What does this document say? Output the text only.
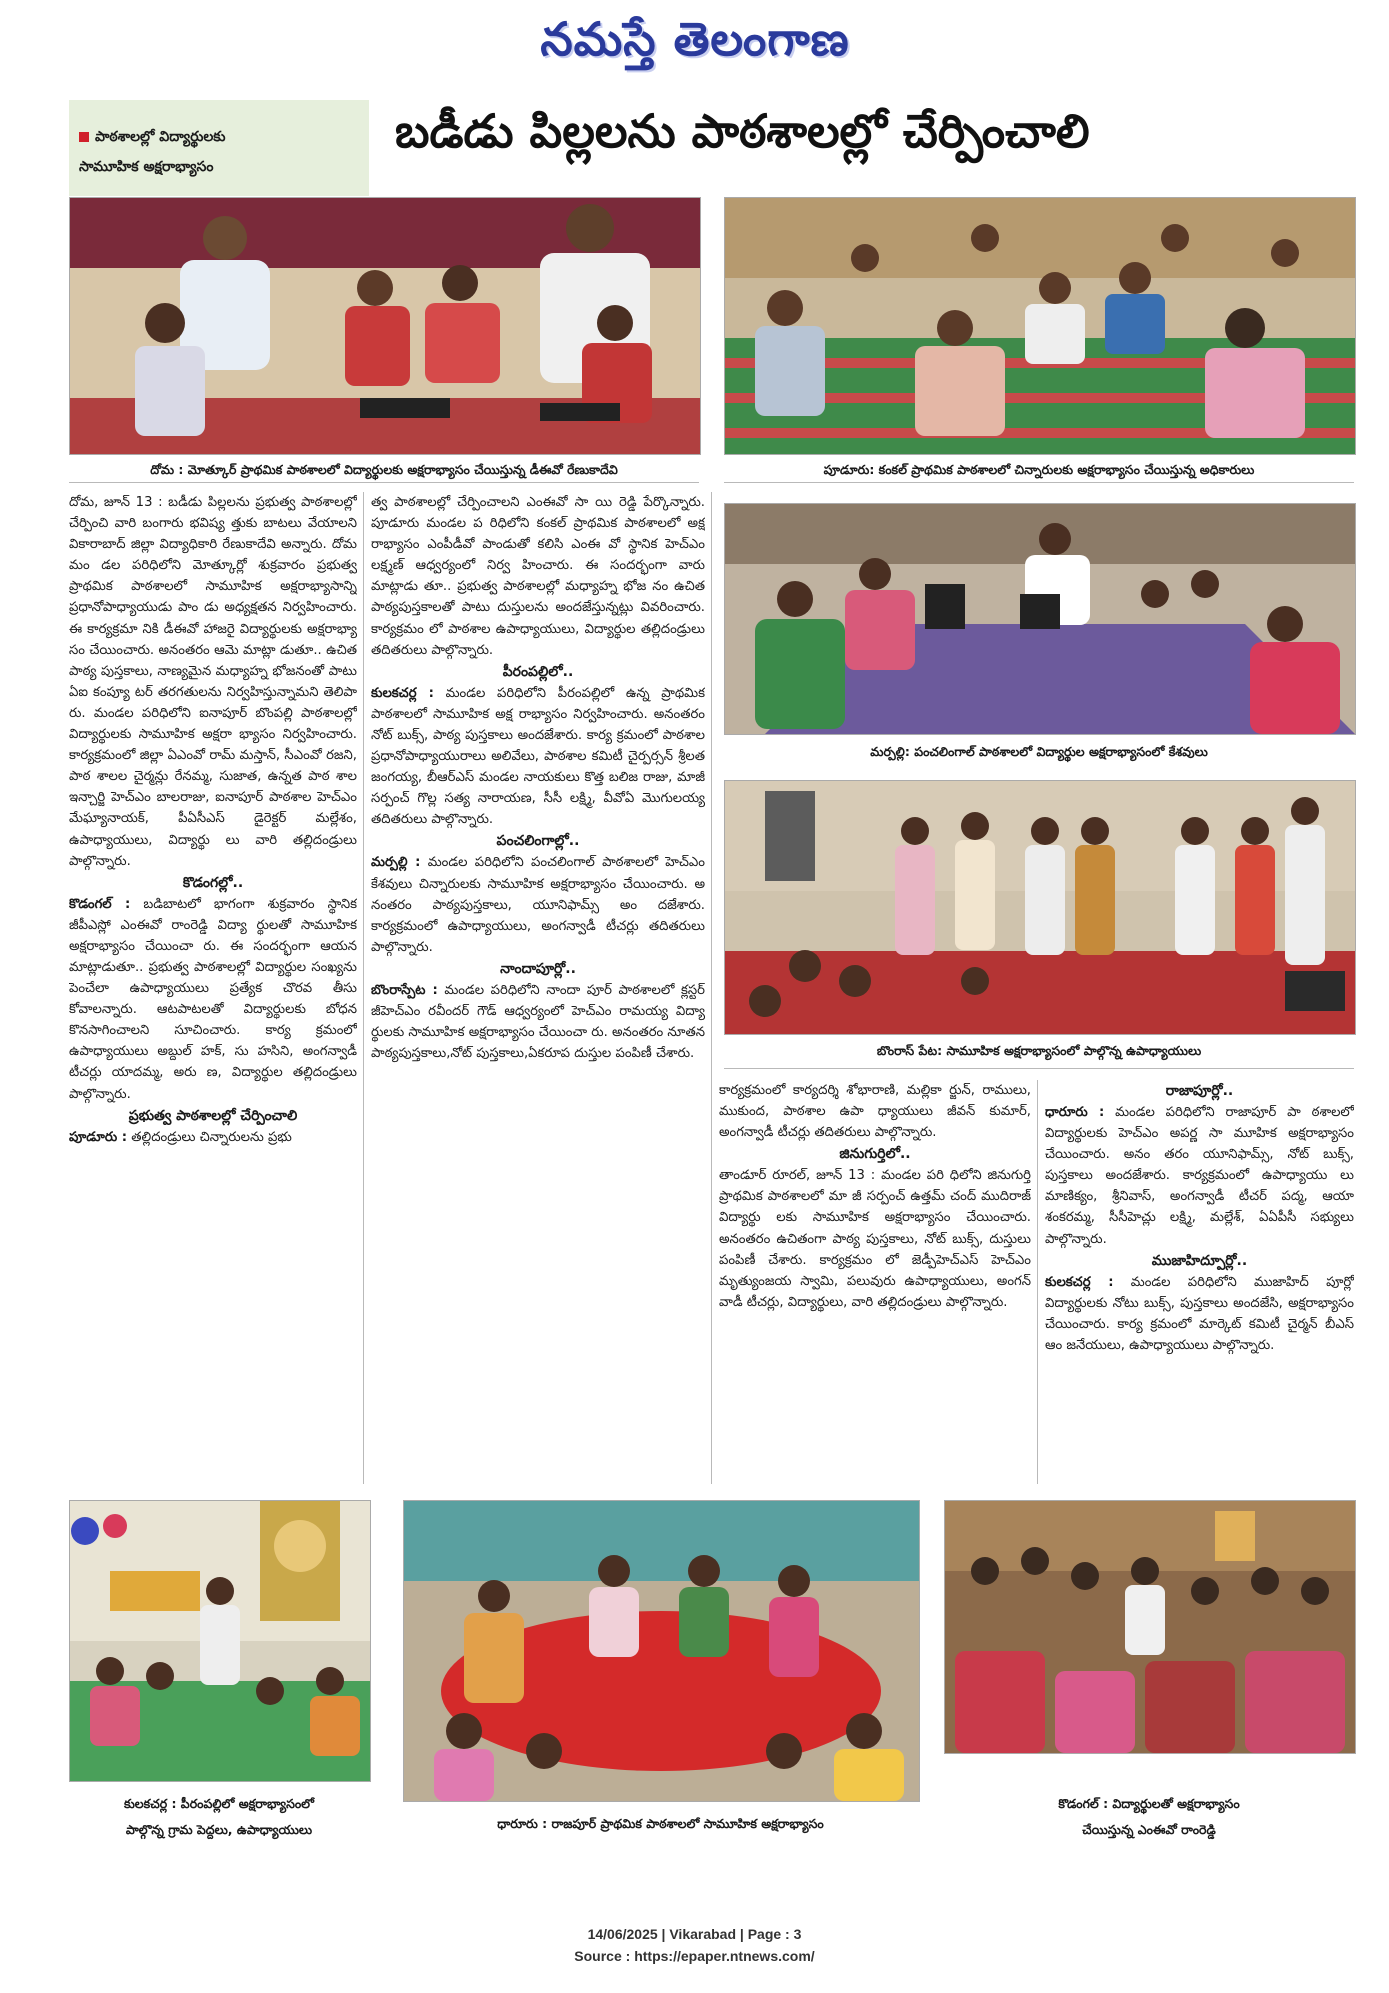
నమస్తే తెలంగాణ
పాఠశాలల్లో విద్యార్థులకు
సామూహిక అక్షరాభ్యాసం
బడీడు పిల్లలను పాఠశాలల్లో చేర్పించాలి
దోమ : మోత్కూర్ ప్రాథమిక పాఠశాలలో విద్యార్థులకు అక్షరాభ్యాసం చేయిస్తున్న డీఈవో రేణుకాదేవి	పూడూరు: కంకల్ ప్రాథమిక పాఠశాలలో చిన్నారులకు అక్షరాభ్యాసం చేయిస్తున్న అధికారులు
మర్పల్లి: పంచలింగాల్ పాఠశాలలో విద్యార్థుల అక్షరాభ్యాసంలో కేశవులు
బొంరాస్ పేట: సామూహిక అక్షరాభ్యాసంలో పాల్గొన్న ఉపాధ్యాయులు

దోమ, జూన్ 13 : బడీడు పిల్లలను ప్రభుత్వ పాఠశాలల్లో చేర్పించి వారి బంగారు భవిష్య త్తుకు బాటలు వేయాలని వికారాబాద్ జిల్లా విద్యాధికారి రేణుకాదేవి అన్నారు. దోమ మం డల పరిధిలోని మోత్కూర్లో శుక్రవారం ప్రభుత్వ ప్రాథమిక పాఠశాలలో సామూహిక అక్షరాభ్యాసాన్ని ప్రధానోపాధ్యాయుడు పాం డు అధ్యక్షతన నిర్వహించారు. ఈ కార్యక్రమా నికి డీఈవో హాజరై విద్యార్థులకు అక్షరాభ్యా సం చేయించారు. అనంతరం ఆమె మాట్లా డుతూ.. ఉచిత పాఠ్య పుస్తకాలు, నాణ్యమైన మధ్యాహ్న భోజనంతో పాటు ఏఐ కంప్యూ టర్ తరగతులను నిర్వహిస్తున్నామని తెలిపా రు. మండల పరిధిలోని ఐనాపూర్ బొంపల్లి పాఠశాలల్లో విద్యార్థులకు సామూహిక అక్షరా భ్యాసం నిర్వహించారు. కార్యక్రమంలో జిల్లా ఏఎంవో రామ్ మస్తాన్, సీఎంవో రజని, పాఠ శాలల చైర్మన్లు రేనమ్మ, సుజాత, ఉన్నత పాఠ శాల ఇన్చార్జి హెచ్ఎం బాలరాజు, ఐనాపూర్ పాఠశాల హెచ్ఎం మేఘ్యానాయక్, పీఏసీఎస్ డైరెక్టర్ మల్లేశం, ఉపాధ్యాయులు, విద్యార్థు లు వారి తల్లిదండ్రులు పాల్గొన్నారు.

కొడంగల్లో..

కొడంగల్ : బడిబాటలో భాగంగా శుక్రవారం స్థానిక జీపీఎస్లో ఎంఈవో రాంరెడ్డి విద్యా ర్థులతో సామూహిక అక్షరాభ్యాసం చేయించా రు. ఈ సందర్భంగా ఆయన మాట్లాడుతూ.. ప్రభుత్వ పాఠశాలల్లో విద్యార్థుల సంఖ్యను పెంచేలా ఉపాధ్యాయులు ప్రత్యేక చొరవ తీసు కోవాలన్నారు. ఆటపాటలతో విద్యార్థులకు బోధన కొనసాగించాలని సూచించారు. కార్య క్రమంలో ఉపాధ్యాయులు అబ్దుల్ హక్, సు హసిని, అంగన్వాడీ టీచర్లు యాదమ్మ, అరు ణ, విద్యార్థుల తల్లిదండ్రులు పాల్గొన్నారు.

ప్రభుత్వ పాఠశాలల్లో చేర్పించాలి

పూడూరు : తల్లిదండ్రులు చిన్నారులను ప్రభు

త్వ పాఠశాలల్లో చేర్పించాలని ఎంఈవో సా యి రెడ్డి పేర్కొన్నారు. పూడూరు మండల ప రిధిలోని కంకల్ ప్రాథమిక పాఠశాలలో అక్ష రాభ్యాసం ఎంపీడీవో పాండుతో కలిసి ఎంఈ వో స్థానిక హెచ్ఎం లక్ష్మణ్ ఆధ్వర్యంలో నిర్వ హించారు. ఈ సందర్భంగా వారు మాట్లాడు తూ.. ప్రభుత్వ పాఠశాలల్లో మధ్యాహ్న భోజ నం ఉచిత పాఠ్యపుస్తకాలతో పాటు దుస్తులను అందజేస్తున్నట్లు వివరించారు. కార్యక్రమం లో పాఠశాల ఉపాధ్యాయులు, విద్యార్థుల తల్లిదండ్రులు తదితరులు పాల్గొన్నారు.

పీరంపల్లిలో..

కులకచర్ల : మండల పరిధిలోని పీరంపల్లిలో ఉన్న ప్రాథమిక పాఠశాలలో సామూహిక అక్ష రాభ్యాసం నిర్వహించారు. అనంతరం నోట్ బుక్స్, పాఠ్య పుస్తకాలు అందజేశారు. కార్య క్రమంలో పాఠశాల ప్రధానోపాధ్యాయురాలు అలివేలు, పాఠశాల కమిటీ చైర్పర్సన్ శ్రీలత జంగయ్య, బీఆర్ఎస్ మండల నాయకులు కొత్త బలిజ రాజు, మాజీ సర్పంచ్ గొల్ల సత్య నారాయణ, సీసీ లక్ష్మి, వీవోఏ మొగులయ్య తదితరులు పాల్గొన్నారు.

పంచలింగాల్లో..

మర్పల్లి : మండల పరిధిలోని పంచలింగాల్ పాఠశాలలో హెచ్ఎం కేశవులు చిన్నారులకు సామూహిక అక్షరాభ్యాసం చేయించారు. అ నంతరం పాఠ్యపుస్తకాలు, యూనిఫామ్స్ అం దజేశారు. కార్యక్రమంలో ఉపాధ్యాయులు, అంగన్వాడీ టీచర్లు తదితరులు పాల్గొన్నారు.

నాందాపూర్లో..

బొంరాస్పేట : మండల పరిధిలోని నాందా పూర్ పాఠశాలలో క్లస్టర్ జీహెచ్ఎం రవీందర్ గౌడ్ ఆధ్వర్యంలో హెచ్ఎం రామయ్య విద్యా ర్థులకు సామూహిక అక్షరాభ్యాసం చేయించా రు. అనంతరం నూతన పాఠ్యపుస్తకాలు,నోట్ పుస్తకాలు,ఏకరూప దుస్తుల పంపిణీ చేశారు.

కార్యక్రమంలో కార్యదర్శి శోభారాణి, మల్లికా ర్జున్, రాములు, ముకుంద, పాఠశాల ఉపా ధ్యాయులు జీవన్ కుమార్, అంగన్వాడీ టీచర్లు తదితరులు పాల్గొన్నారు.

జినుగుర్తిలో..

తాండూర్ రూరల్, జూన్ 13 : మండల పరి ధిలోని జినుగుర్తి ప్రాథమిక పాఠశాలలో మా జీ సర్పంచ్ ఉత్తమ్ చంద్ ముదిరాజ్ విద్యార్థు లకు సామూహిక అక్షరాభ్యాసం చేయించారు. అనంతరం ఉచితంగా పాఠ్య పుస్తకాలు, నోట్ బుక్స్, దుస్తులు పంపిణీ చేశారు. కార్యక్రమం లో జెడ్పీహెచ్ఎస్ హెచ్ఎం మృత్యుంజయ స్వామి, పలువురు ఉపాధ్యాయులు, అంగన్ వాడీ టీచర్లు, విద్యార్థులు, వారి తల్లిదండ్రులు పాల్గొన్నారు.

రాజాపూర్లో..

ధారూరు : మండల పరిధిలోని రాజాపూర్ పా ఠశాలలో విద్యార్థులకు హెచ్ఎం అపర్ణ సా మూహిక అక్షరాభ్యాసం చేయించారు. అనం తరం యూనిఫామ్స్, నోట్ బుక్స్, పుస్తకాలు అందజేశారు. కార్యక్రమంలో ఉపాధ్యాయు లు మాణిక్యం, శ్రీనివాస్, అంగన్వాడీ టీచర్ పద్మ, ఆయా శంకరమ్మ, సీసీహెచ్లు లక్ష్మి, మల్లేశ్, ఏఏపీసీ సభ్యులు పాల్గొన్నారు.

ముజాహిద్పూర్లో..

కులకచర్ల : మండల పరిధిలోని ముజాహిద్ పూర్లో విద్యార్థులకు నోటు బుక్స్, పుస్తకాలు అందజేసి, అక్షరాభ్యాసం చేయించారు. కార్య క్రమంలో మార్కెట్ కమిటీ చైర్మన్ బీఎస్ ఆం జనేయులు, ఉపాధ్యాయులు పాల్గొన్నారు.

కులకచర్ల : పీరంపల్లిలో అక్షరాభ్యాసంలో
పాల్గొన్న గ్రామ పెద్దలు, ఉపాధ్యాయులు	ధారూరు : రాజపూర్ ప్రాథమిక పాఠశాలలో సామూహిక అక్షరాభ్యాసం
కొడంగల్ : విద్యార్థులతో అక్షరాభ్యాసం
చేయిస్తున్న ఎంఈవో రాంరెడ్డి
14/06/2025 | Vikarabad | Page : 3
Source : https://epaper.ntnews.com/
